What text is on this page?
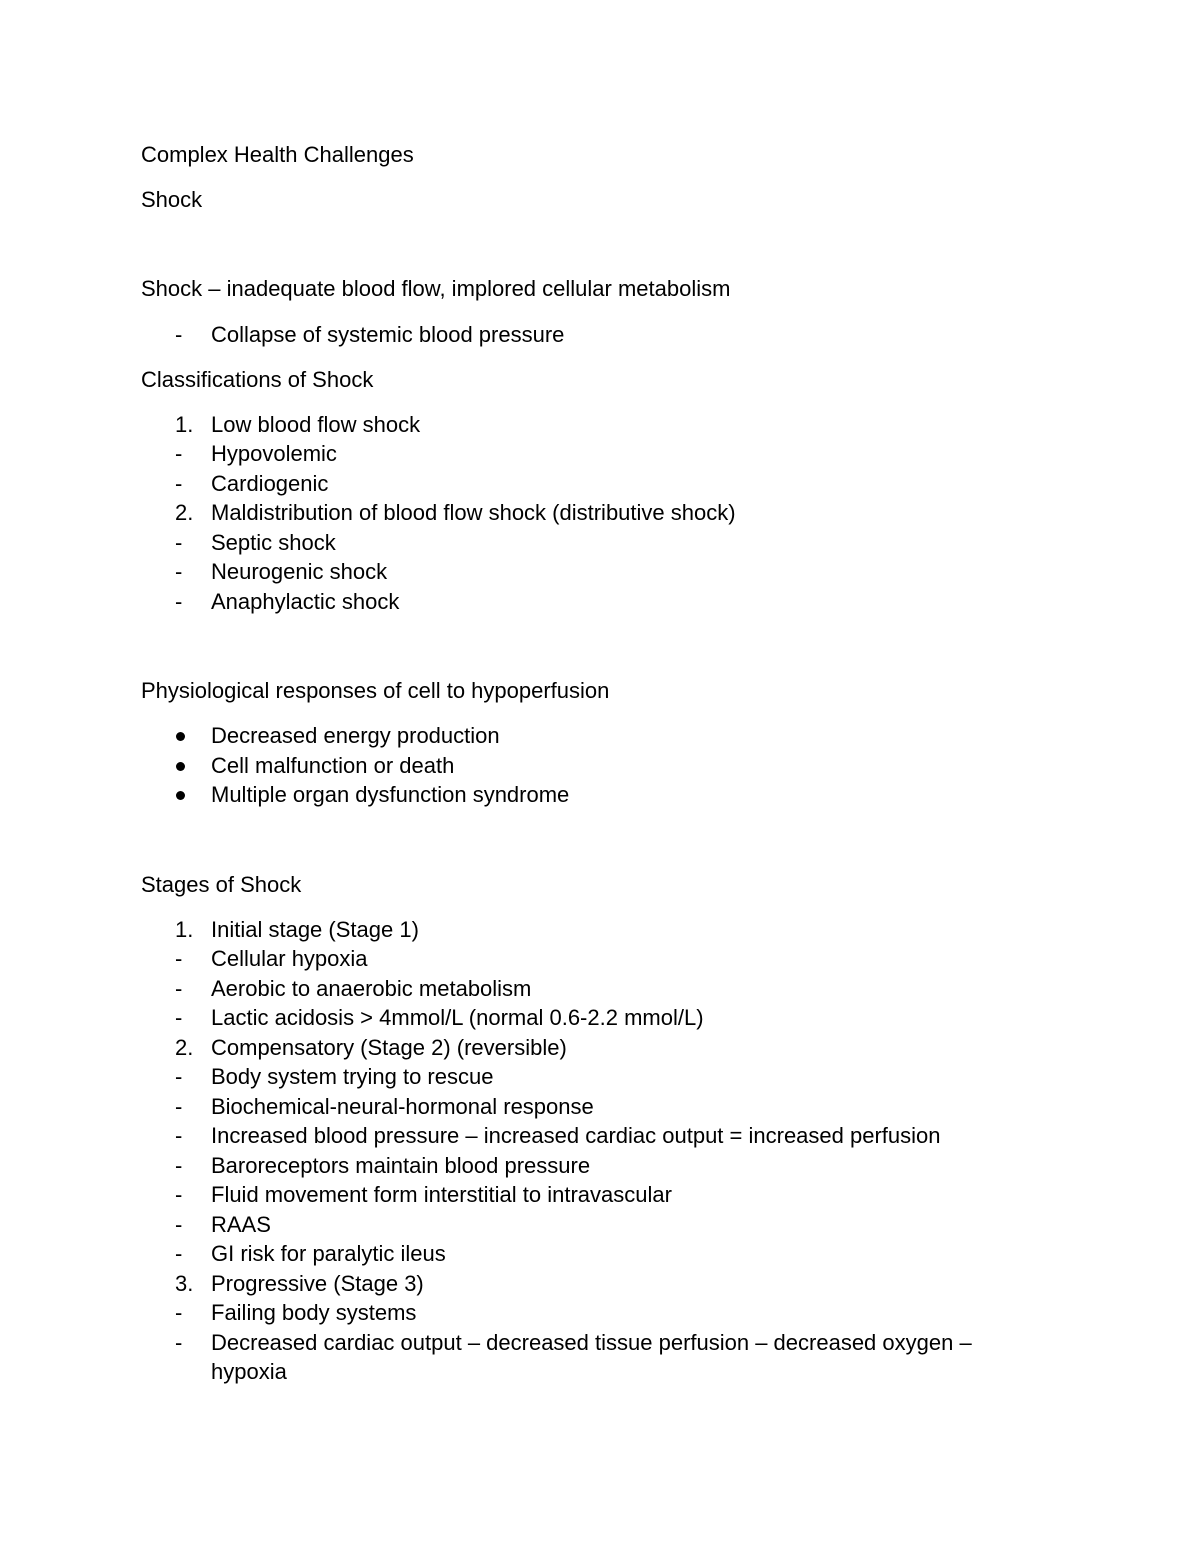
Complex Health Challenges

Shock

Shock – inadequate blood flow, implored cellular metabolism

- Collapse of systemic blood pressure

Classifications of Shock

1. Low blood flow shock
- Hypovolemic
- Cardiogenic
2. Maldistribution of blood flow shock (distributive shock)
- Septic shock
- Neurogenic shock
- Anaphylactic shock

Physiological responses of cell to hypoperfusion

Decreased energy production
Cell malfunction or death
Multiple organ dysfunction syndrome

Stages of Shock

1. Initial stage (Stage 1)
- Cellular hypoxia
- Aerobic to anaerobic metabolism
- Lactic acidosis > 4mmol/L (normal 0.6-2.2 mmol/L)
2. Compensatory (Stage 2) (reversible)
- Body system trying to rescue
- Biochemical-neural-hormonal response
- Increased blood pressure – increased cardiac output = increased perfusion
- Baroreceptors maintain blood pressure
- Fluid movement form interstitial to intravascular
- RAAS
- GI risk for paralytic ileus
3. Progressive (Stage 3)
- Failing body systems
- Decreased cardiac output – decreased tissue perfusion – decreased oxygen – hypoxia
